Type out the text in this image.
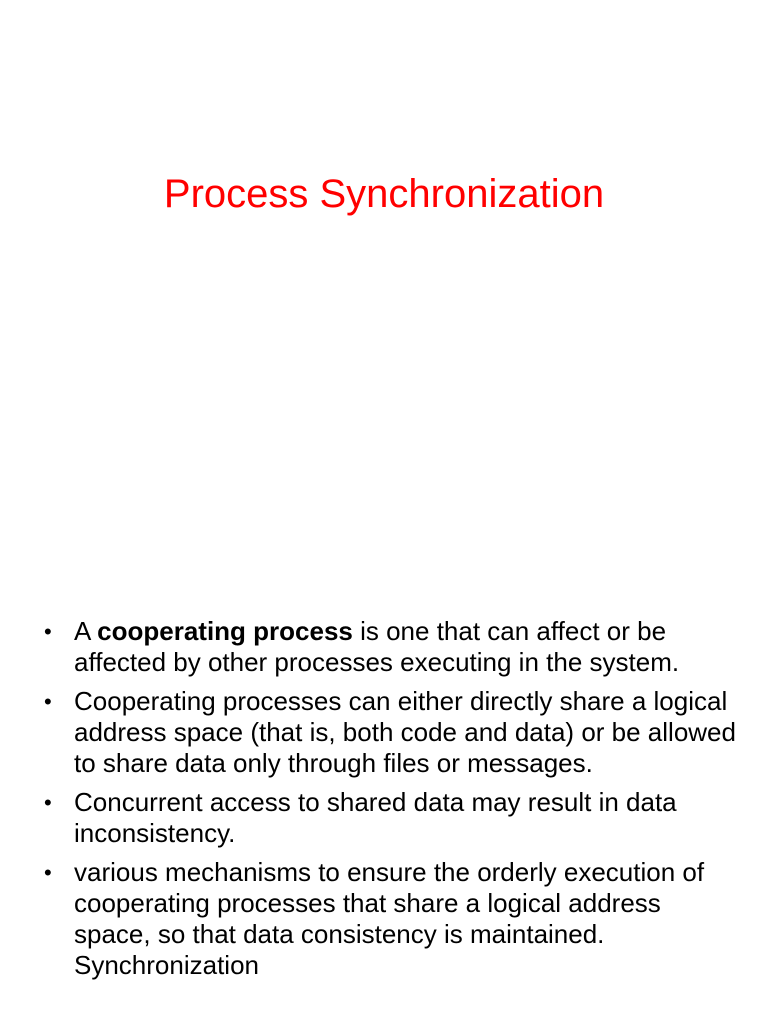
Process Synchronization
• A cooperating process is one that can affect or be affected by other processes executing in the system.
• Cooperating processes can either directly share a logical address space (that is, both code and data) or be allowed to share data only through files or messages.
• Concurrent access to shared data may result in data inconsistency.
• various mechanisms to ensure the orderly execution of cooperating processes that share a logical address space, so that data consistency is maintained. Synchronization
